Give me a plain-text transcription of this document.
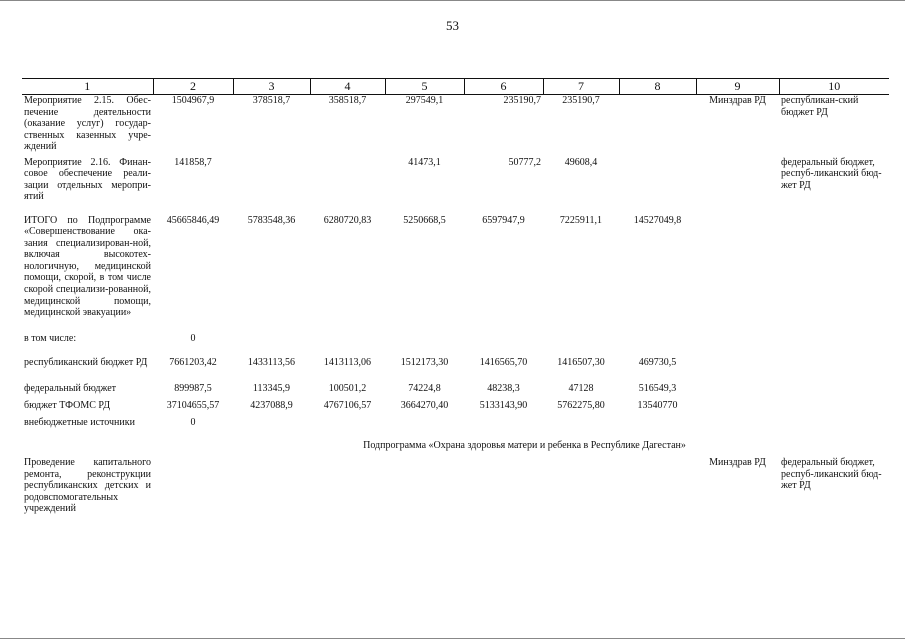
53
1	2	3	4	5	6	7	8	9	10
Мероприятие 2.15. Обес-печение деятельности (оказание услуг) государ-ственных казенных учре-ждений	1504967,9	378518,7	358518,7	297549,1	235190,7	235190,7		Минздрав РД	республикан-ский бюджет РД
Мероприятие 2.16. Финан-совое обеспечение реали-зации отдельных меропри-ятий	141858,7			41473,1	50777,2	49608,4			федеральный бюджет, респуб-ликанский бюд-жет РД
ИТОГО по Подпрограмме «Совершенствование ока-зания специализирован-ной, включая высокотех-нологичную, медицинской помощи, скорой, в том числе скорой специализи-рованной, медицинской помощи, медицинской эвакуации»	45665846,49	5783548,36	6280720,83	5250668,5	6597947,9	7225911,1	14527049,8		
в том числе:	0								
республиканский бюджет РД	7661203,42	1433113,56	1413113,06	1512173,30	1416565,70	1416507,30	469730,5		
федеральный бюджет	899987,5	113345,9	100501,2	74224,8	48238,3	47128	516549,3		
бюджет ТФОМС РД	37104655,57	4237088,9	4767106,57	3664270,40	5133143,90	5762275,80	13540770		
внебюджетные источники	0								
Подпрограмма «Охрана здоровья матери и ребенка в Республике Дагестан»									
Проведение капитального ремонта, реконструкции республиканских детских и родовспомогательных учреждений								Минздрав РД	федеральный бюджет, респуб-ликанский бюд-жет РД
